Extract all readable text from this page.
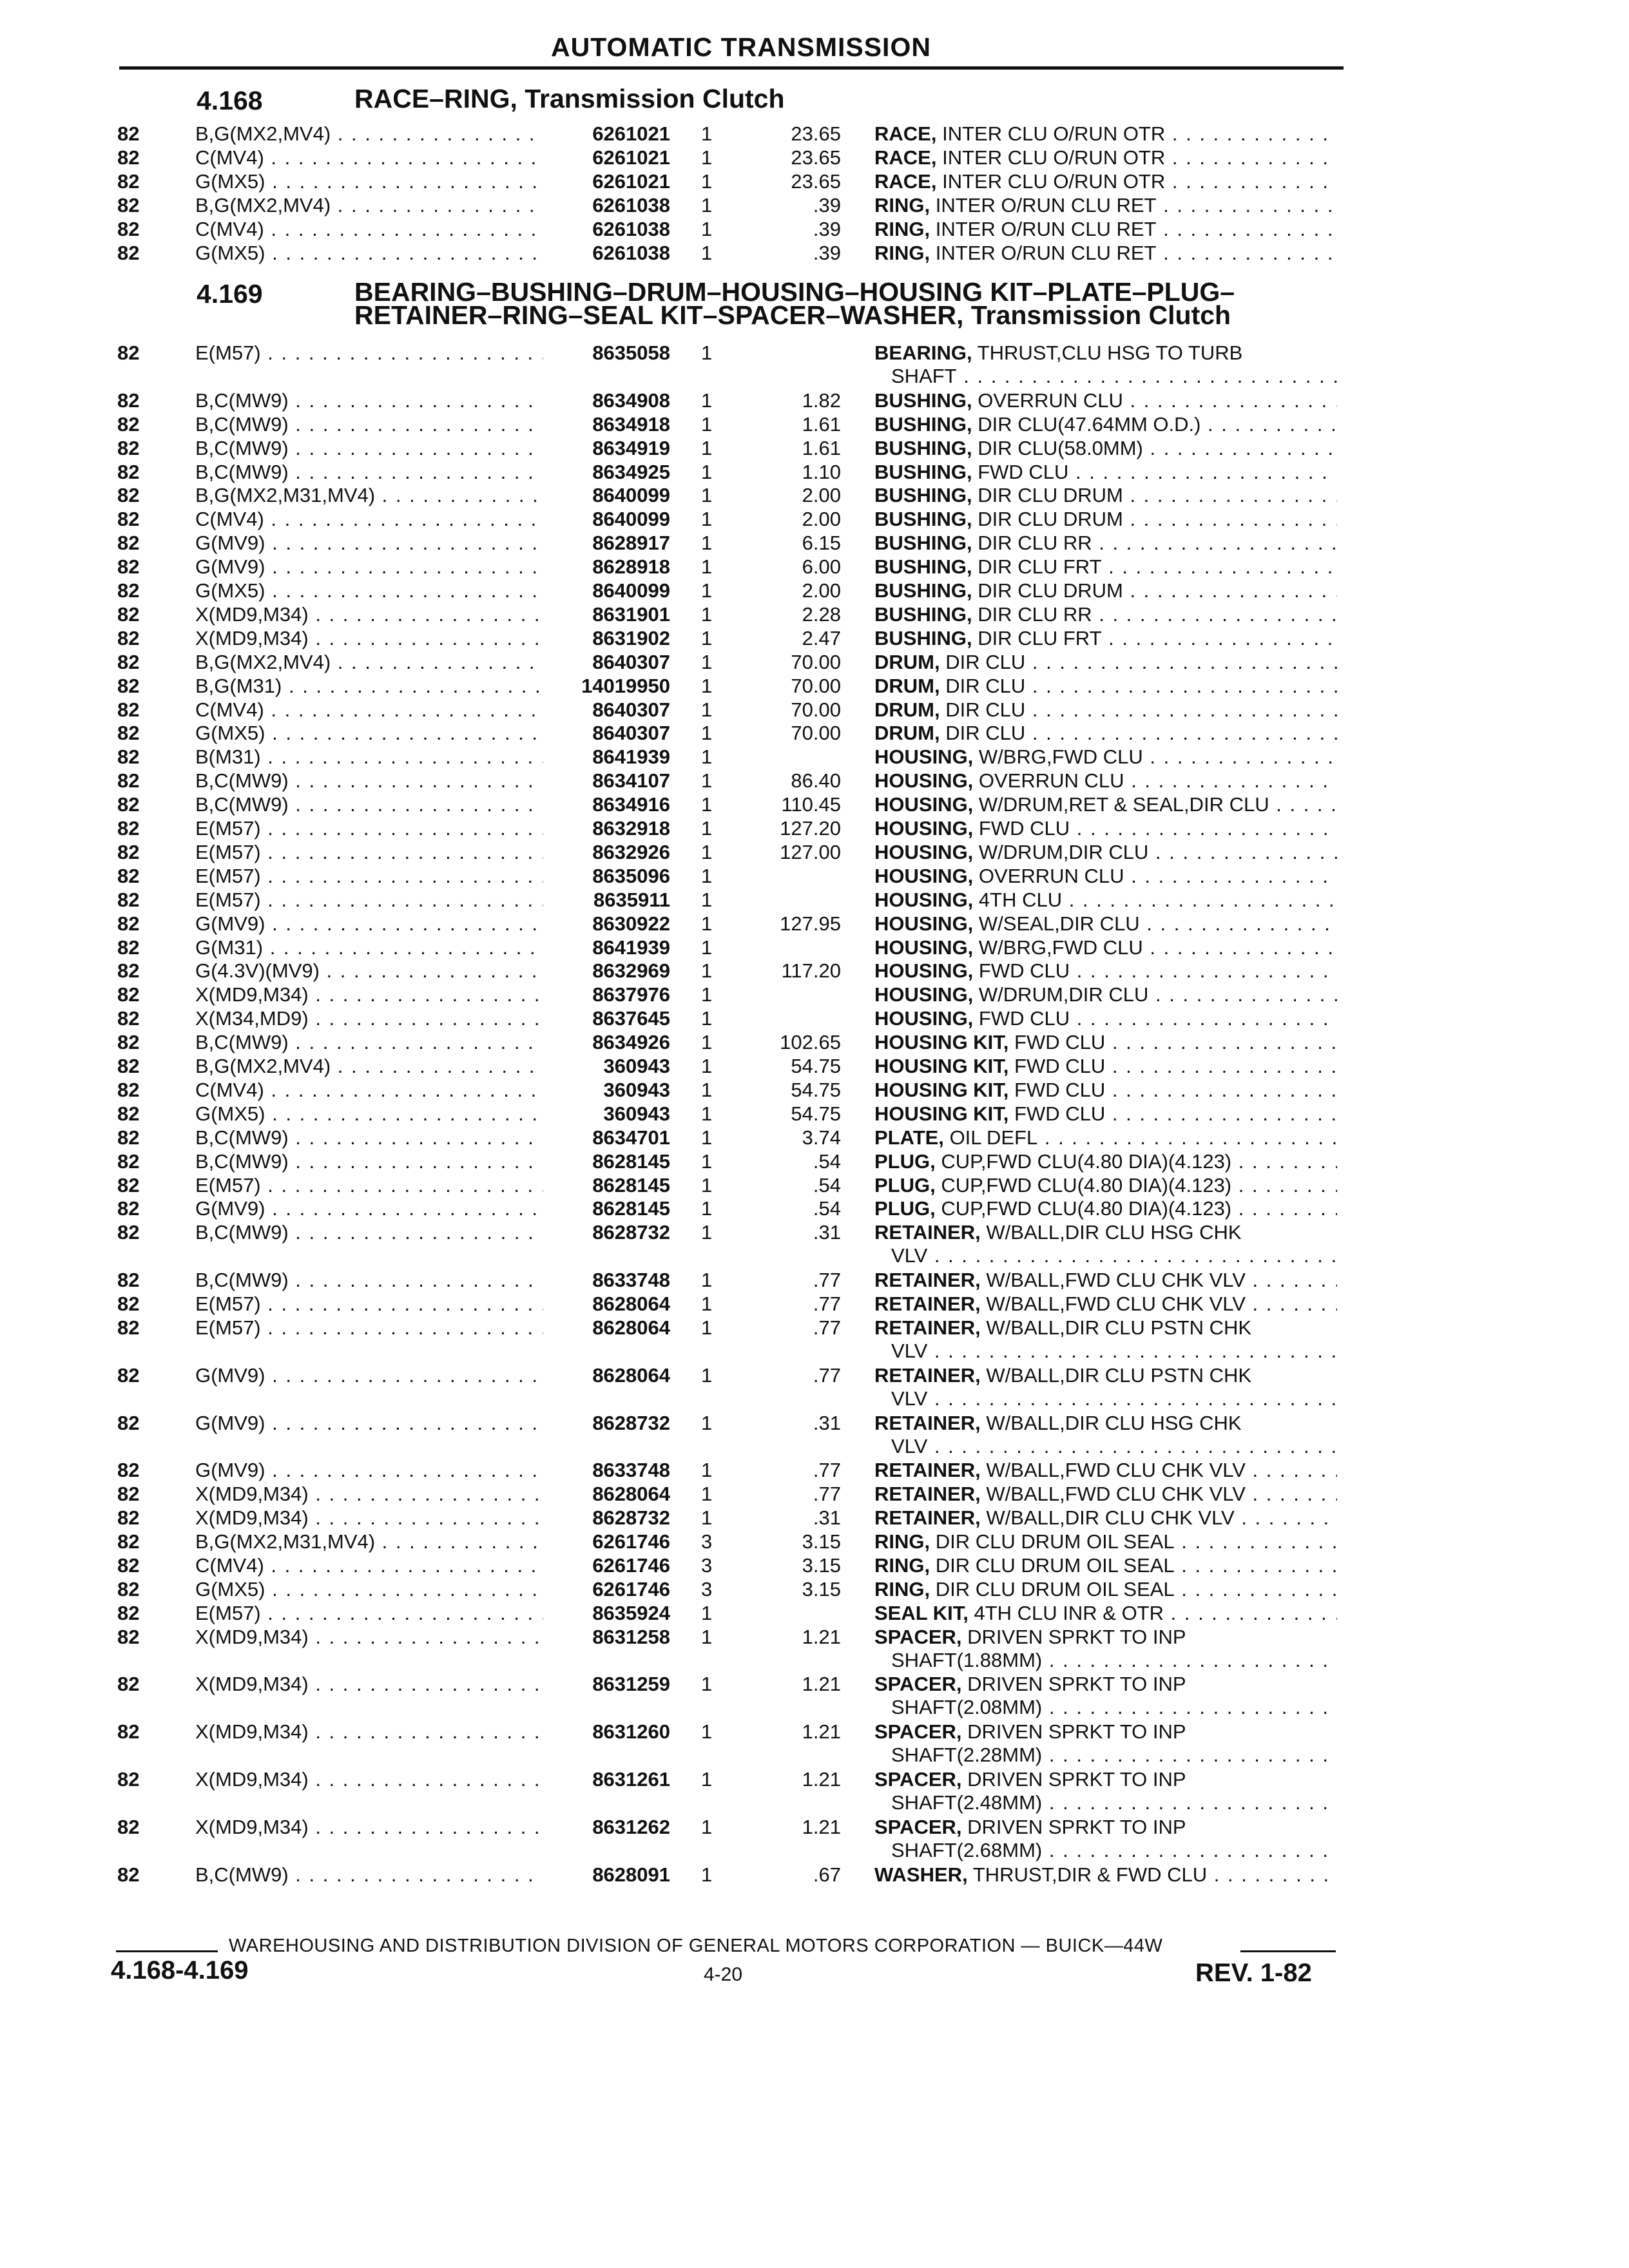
AUTOMATIC TRANSMISSION
4.168	RACE–RING, Transmission Clutch
82	B,G(MX2,MV4) . . .	6261021 1	23.65 RACE, INTER CLU O/RUN OTR . . .
82	C(MV4) . . .	6261021 1	23.65 RACE, INTER CLU O/RUN OTR . . .
82	G(MX5) . . .	6261021 1	23.65 RACE, INTER CLU O/RUN OTR . . .
82	B,G(MX2,MV4) . . .	6261038 1	.39 RING, INTER O/RUN CLU RET . . .
82	C(MV4) . . .	6261038 1	.39 RING, INTER O/RUN CLU RET . . .
82	G(MX5) . . .	6261038 1	.39 RING, INTER O/RUN CLU RET . . .
4.169	BEARING–BUSHING–DRUM–HOUSING–HOUSING KIT–PLATE–PLUG–
RETAINER–RING–SEAL KIT–SPACER–WASHER, Transmission Clutch
82	E(M57) . . .	8635058 1	BEARING, THRUST,CLU HSG TO TURB
SHAFT . . .
82	B,C(MW9) . . .	8634908 1	1.82 BUSHING, OVERRUN CLU . . .
82	B,C(MW9) . . .	8634918 1	1.61 BUSHING, DIR CLU(47.64MM O.D.) . . .
82	B,C(MW9) . . .	8634919 1	1.61 BUSHING, DIR CLU(58.0MM) . . .
82	B,C(MW9) . . .	8634925 1	1.10 BUSHING, FWD CLU . . .
82	B,G(MX2,M31,MV4) . . .	8640099 1	2.00 BUSHING, DIR CLU DRUM . . .
82	C(MV4) . . .	8640099 1	2.00 BUSHING, DIR CLU DRUM . . .
82	G(MV9) . . .	8628917 1	6.15 BUSHING, DIR CLU RR . . .
82	G(MV9) . . .	8628918 1	6.00 BUSHING, DIR CLU FRT . . .
82	G(MX5) . . .	8640099 1	2.00 BUSHING, DIR CLU DRUM . . .
82	X(MD9,M34) . . .	8631901 1	2.28 BUSHING, DIR CLU RR . . .
82	X(MD9,M34) . . .	8631902 1	2.47 BUSHING, DIR CLU FRT . . .
82	B,G(MX2,MV4) . . .	8640307 1	70.00 DRUM, DIR CLU . . .
82	B,G(M31) . . .	14019950 1	70.00 DRUM, DIR CLU . . .
82	C(MV4) . . .	8640307 1	70.00 DRUM, DIR CLU . . .
82	G(MX5) . . .	8640307 1	70.00 DRUM, DIR CLU . . .
82	B(M31) . . .	8641939 1	HOUSING, W/BRG,FWD CLU . . .
82	B,C(MW9) . . .	8634107 1	86.40 HOUSING, OVERRUN CLU . . .
82	B,C(MW9) . . .	8634916 1	110.45 HOUSING, W/DRUM,RET & SEAL,DIR CLU . . .
82	E(M57) . . .	8632918 1	127.20 HOUSING, FWD CLU . . .
82	E(M57) . . .	8632926 1	127.00 HOUSING, W/DRUM,DIR CLU . . .
82	E(M57) . . .	8635096 1	HOUSING, OVERRUN CLU . . .
82	E(M57) . . .	8635911 1	HOUSING, 4TH CLU . . .
82	G(MV9) . . .	8630922 1	127.95 HOUSING, W/SEAL,DIR CLU . . .
82	G(M31) . . .	8641939 1	HOUSING, W/BRG,FWD CLU . . .
82	G(4.3V)(MV9) . . .	8632969 1	117.20 HOUSING, FWD CLU . . .
82	X(MD9,M34) . . .	8637976 1	HOUSING, W/DRUM,DIR CLU . . .
82	X(M34,MD9) . . .	8637645 1	HOUSING, FWD CLU . . .
82	B,C(MW9) . . .	8634926 1	102.65 HOUSING KIT, FWD CLU . . .
82	B,G(MX2,MV4) . . .	360943 1	54.75 HOUSING KIT, FWD CLU . . .
82	C(MV4) . . .	360943 1	54.75 HOUSING KIT, FWD CLU . . .
82	G(MX5) . . .	360943 1	54.75 HOUSING KIT, FWD CLU . . .
82	B,C(MW9) . . .	8634701 1	3.74 PLATE, OIL DEFL . . .
82	B,C(MW9) . . .	8628145 1	.54 PLUG, CUP,FWD CLU(4.80 DIA)(4.123) . . .
82	E(M57) . . .	8628145 1	.54 PLUG, CUP,FWD CLU(4.80 DIA)(4.123) . . .
82	G(MV9) . . .	8628145 1	.54 PLUG, CUP,FWD CLU(4.80 DIA)(4.123) . . .
82	B,C(MW9) . . .	8628732 1	.31 RETAINER, W/BALL,DIR CLU HSG CHK
VLV . . .
82	B,C(MW9) . . .	8633748 1	.77 RETAINER, W/BALL,FWD CLU CHK VLV . . .
82	E(M57) . . .	8628064 1	.77 RETAINER, W/BALL,FWD CLU CHK VLV . . .
82	E(M57) . . .	8628064 1	.77 RETAINER, W/BALL,DIR CLU PSTN CHK
VLV . . .
82	G(MV9) . . .	8628064 1	.77 RETAINER, W/BALL,DIR CLU PSTN CHK
VLV . . .
82	G(MV9) . . .	8628732 1	.31 RETAINER, W/BALL,DIR CLU HSG CHK
VLV . . .
82	G(MV9) . . .	8633748 1	.77 RETAINER, W/BALL,FWD CLU CHK VLV . . .
82	X(MD9,M34) . . .	8628064 1	.77 RETAINER, W/BALL,FWD CLU CHK VLV . . .
82	X(MD9,M34) . . .	8628732 1	.31 RETAINER, W/BALL,DIR CLU CHK VLV . . .
82	B,G(MX2,M31,MV4) . . .	6261746 3	3.15 RING, DIR CLU DRUM OIL SEAL . . .
82	C(MV4) . . .	6261746 3	3.15 RING, DIR CLU DRUM OIL SEAL . . .
82	G(MX5) . . .	6261746 3	3.15 RING, DIR CLU DRUM OIL SEAL . . .
82	E(M57) . . .	8635924 1	SEAL KIT, 4TH CLU INR & OTR . . .
82	X(MD9,M34) . . .	8631258 1	1.21 SPACER, DRIVEN SPRKT TO INP
SHAFT(1.88MM) . . .
82	X(MD9,M34) . . .	8631259 1	1.21 SPACER, DRIVEN SPRKT TO INP
SHAFT(2.08MM) . . .
82	X(MD9,M34) . . .	8631260 1	1.21 SPACER, DRIVEN SPRKT TO INP
SHAFT(2.28MM) . . .
82	X(MD9,M34) . . .	8631261 1	1.21 SPACER, DRIVEN SPRKT TO INP
SHAFT(2.48MM) . . .
82	X(MD9,M34) . . .	8631262 1	1.21 SPACER, DRIVEN SPRKT TO INP
SHAFT(2.68MM) . . .
82	B,C(MW9) . . .	8628091 1	.67 WASHER, THRUST,DIR & FWD CLU . . .
WAREHOUSING AND DISTRIBUTION DIVISION OF GENERAL MOTORS CORPORATION — BUICK—44W
4.168-4.169	4-20	REV. 1-82
